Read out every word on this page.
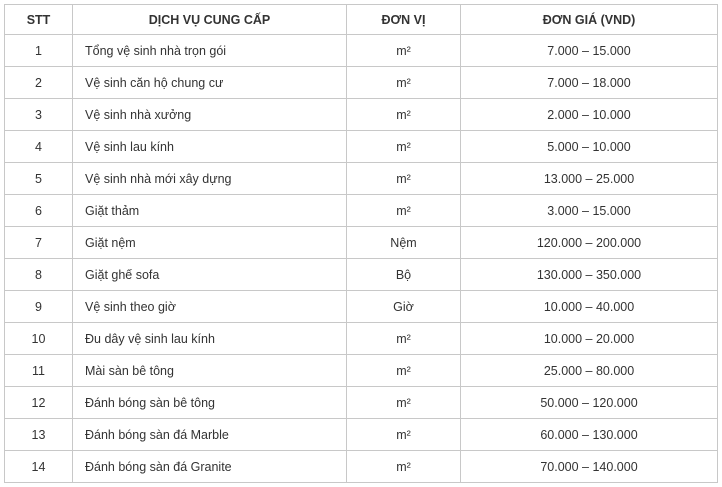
STT	DỊCH VỤ CUNG CẤP	ĐƠN VỊ	ĐƠN GIÁ (VND)
1	Tổng vệ sinh nhà trọn gói	m²	7.000 – 15.000
2	Vệ sinh căn hộ chung cư	m²	7.000 – 18.000
3	Vệ sinh nhà xưởng	m²	2.000 – 10.000
4	Vệ sinh lau kính	m²	5.000 – 10.000
5	Vệ sinh nhà mới xây dựng	m²	13.000 – 25.000
6	Giặt thảm	m²	3.000 – 15.000
7	Giặt nệm	Nệm	120.000 – 200.000
8	Giặt ghế sofa	Bộ	130.000 – 350.000
9	Vệ sinh theo giờ	Giờ	10.000 – 40.000
10	Đu dây vệ sinh lau kính	m²	10.000 – 20.000
11	Mài sàn bê tông	m²	25.000 – 80.000
12	Đánh bóng sàn bê tông	m²	50.000 – 120.000
13	Đánh bóng sàn đá Marble	m²	60.000 – 130.000
14	Đánh bóng sàn đá Granite	m²	70.000 – 140.000
